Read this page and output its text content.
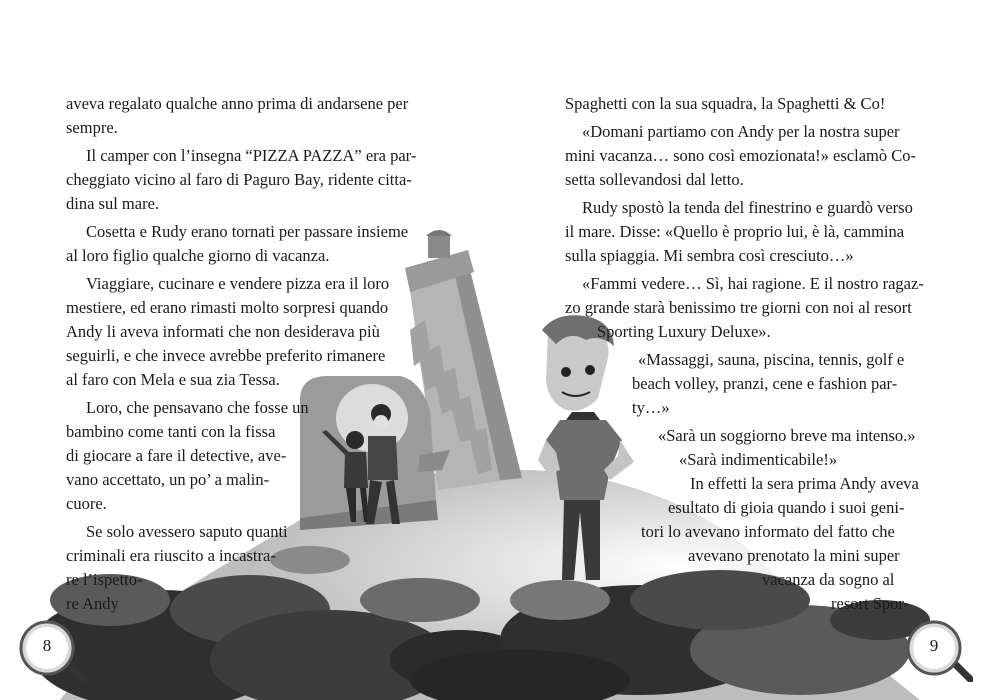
aveva regalato qualche anno prima di andarsene per
sempre.
Il camper con l’insegna “PIZZA PAZZA” era par-
cheggiato vicino al faro di Paguro Bay, ridente citta-
dina sul mare.
Cosetta e Rudy erano tornati per passare insieme
al loro figlio qualche giorno di vacanza.
Viaggiare, cucinare e vendere pizza era il loro
mestiere, ed erano rimasti molto sorpresi quando
Andy li aveva informati che non desiderava più
seguirli, e che invece avrebbe preferito rimanere
al faro con Mela e sua zia Tessa.
Loro, che pensavano che fosse un
bambino come tanti con la fissa
di giocare a fare il detective, ave-
vano accettato, un po’ a malin-
cuore.
Se solo avessero saputo quanti
criminali era riuscito a incastra-
re l’ispetto-
re Andy
Spaghetti con la sua squadra, la Spaghetti & Co!
«Domani partiamo con Andy per la nostra super
mini vacanza… sono così emozionata!» esclamò Co-
setta sollevandosi dal letto.
Rudy spostò la tenda del finestrino e guardò verso
il mare. Disse: «Quello è proprio lui, è là, cammina
sulla spiaggia. Mi sembra così cresciuto…»
«Fammi vedere… Sì, hai ragione. E il nostro ragaz-
zo grande starà benissimo tre giorni con noi al resort
Sporting Luxury Deluxe».
«Massaggi, sauna, piscina, tennis, golf e
beach volley, pranzi, cene e fashion par-
ty…»
«Sarà un soggiorno breve ma intenso.»
«Sarà indimenticabile!»
In effetti la sera prima Andy aveva
esultato di gioia quando i suoi geni-
tori lo avevano informato del fatto che
avevano prenotato la mini super
vacanza da sogno al
resort Spor-
8	9
